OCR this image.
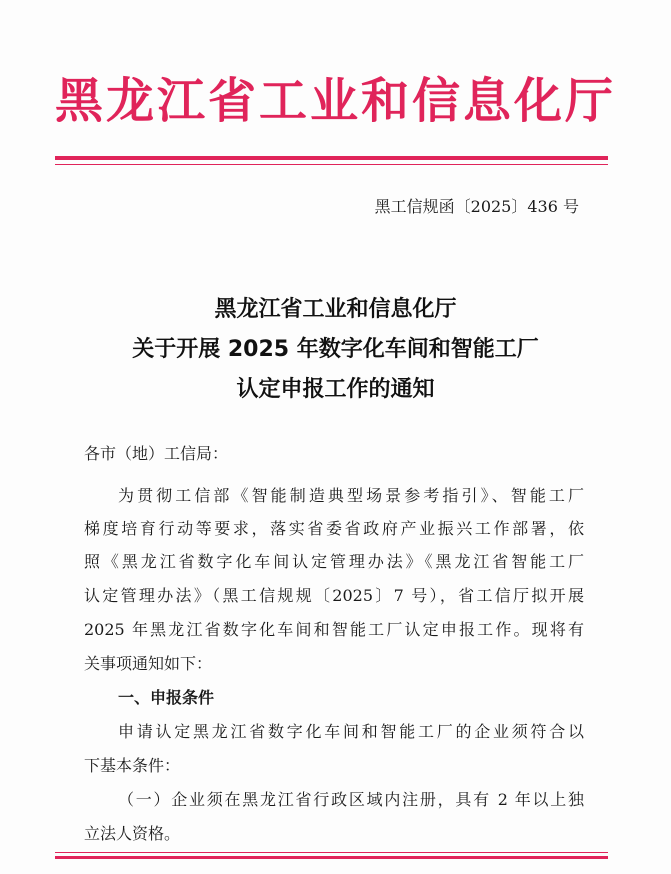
黑龙江省工业和信息化厅
黑工信规函〔2025〕436 号
黑龙江省工业和信息化厅
关于开展 2025 年数字化车间和智能工厂
认定申报工作的通知
各市（地）工信局：
为贯彻工信部《智能制造典型场景参考指引》、智能工厂
梯度培育行动等要求，落实省委省政府产业振兴工作部署，依
照《黑龙江省数字化车间认定管理办法》《黑龙江省智能工厂
认定管理办法》（黑工信规规〔2025〕7 号），省工信厅拟开展
2025 年黑龙江省数字化车间和智能工厂认定申报工作。现将有
关事项通知如下：
一、申报条件
申请认定黑龙江省数字化车间和智能工厂的企业须符合以
下基本条件：
（一）企业须在黑龙江省行政区域内注册，具有 2 年以上独
立法人资格。
